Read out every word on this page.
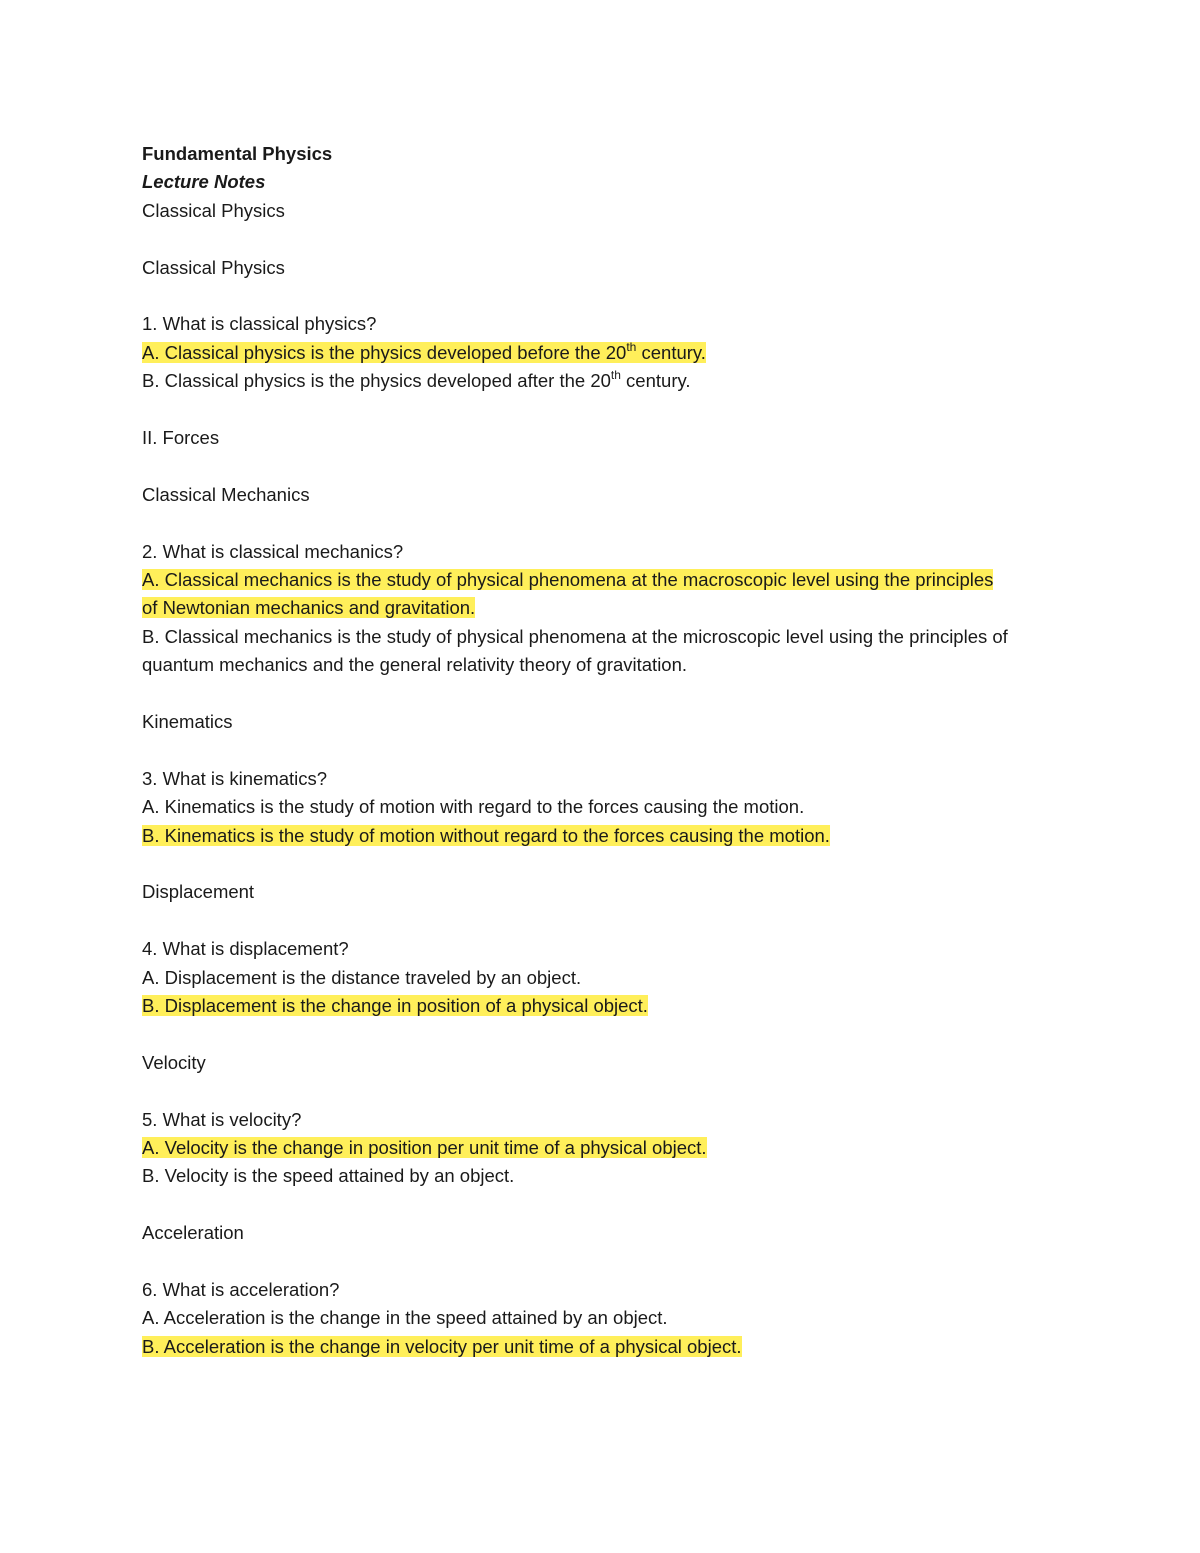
Fundamental Physics
Lecture Notes
Classical Physics
Classical Physics
1. What is classical physics?
A. Classical physics is the physics developed before the 20th century.
B. Classical physics is the physics developed after the 20th century.
II. Forces
Classical Mechanics
2. What is classical mechanics?
A. Classical mechanics is the study of physical phenomena at the macroscopic level using the principles
of Newtonian mechanics and gravitation.
B. Classical mechanics is the study of physical phenomena at the microscopic level using the principles of quantum mechanics and the general relativity theory of gravitation.
Kinematics
3. What is kinematics?
A. Kinematics is the study of motion with regard to the forces causing the motion.
B. Kinematics is the study of motion without regard to the forces causing the motion.
Displacement
4. What is displacement?
A. Displacement is the distance traveled by an object.
B. Displacement is the change in position of a physical object.
Velocity
5. What is velocity?
A. Velocity is the change in position per unit time of a physical object.
B. Velocity is the speed attained by an object.
Acceleration
6. What is acceleration?
A. Acceleration is the change in the speed attained by an object.
B. Acceleration is the change in velocity per unit time of a physical object.
